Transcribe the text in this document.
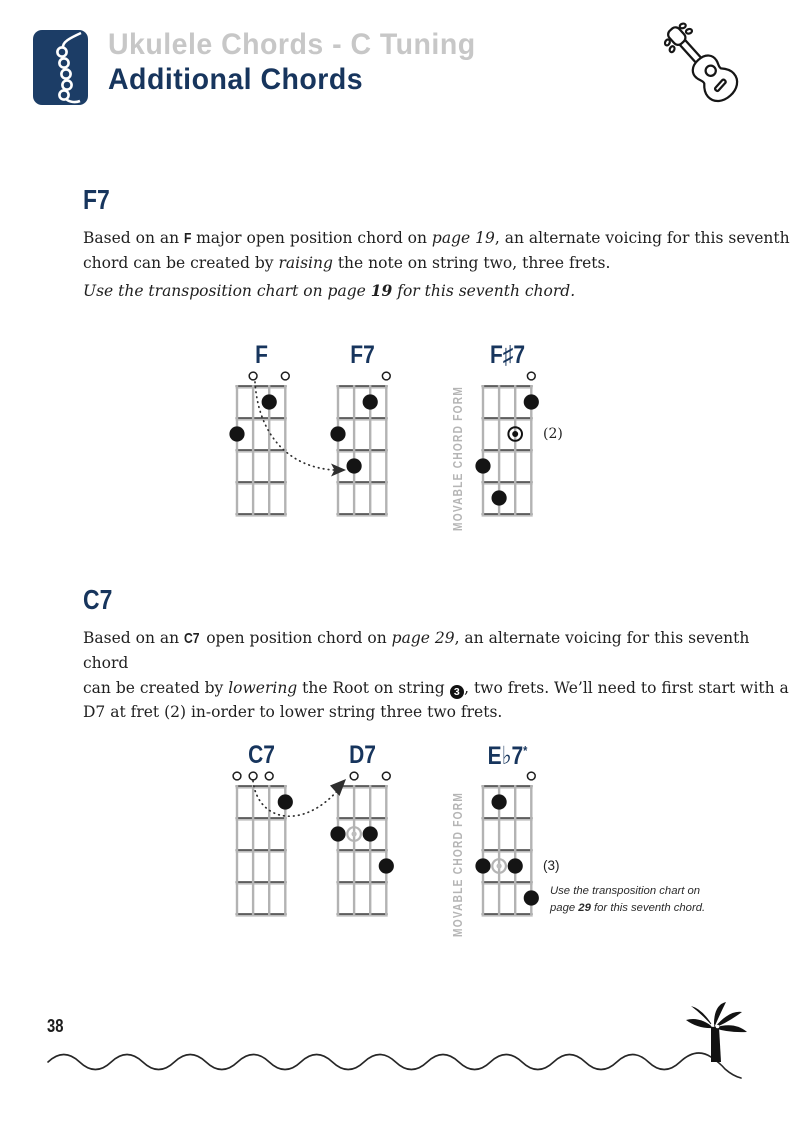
Ukulele Chords - C Tuning
Additional Chords
F7
Based on an F major open position chord on page 19, an alternate voicing for this seventh
chord can be created by raising the note on string two, three frets.
Use the transposition chart on page 19 for this seventh chord.
F	F7	F♯7
(2)
MOVABLE CHORD FORM
C7
Based on an C7 open position chord on page 29, an alternate voicing for this seventh chord
can be created by lowering the Root on string 3 , two frets. We’ll need to first start with a
D7 at fret (2) in-order to lower string three two frets.
C7	D7	E♭7*
(3)
Use the transposition chart on
page 29 for this seventh chord.
MOVABLE CHORD FORM
38
